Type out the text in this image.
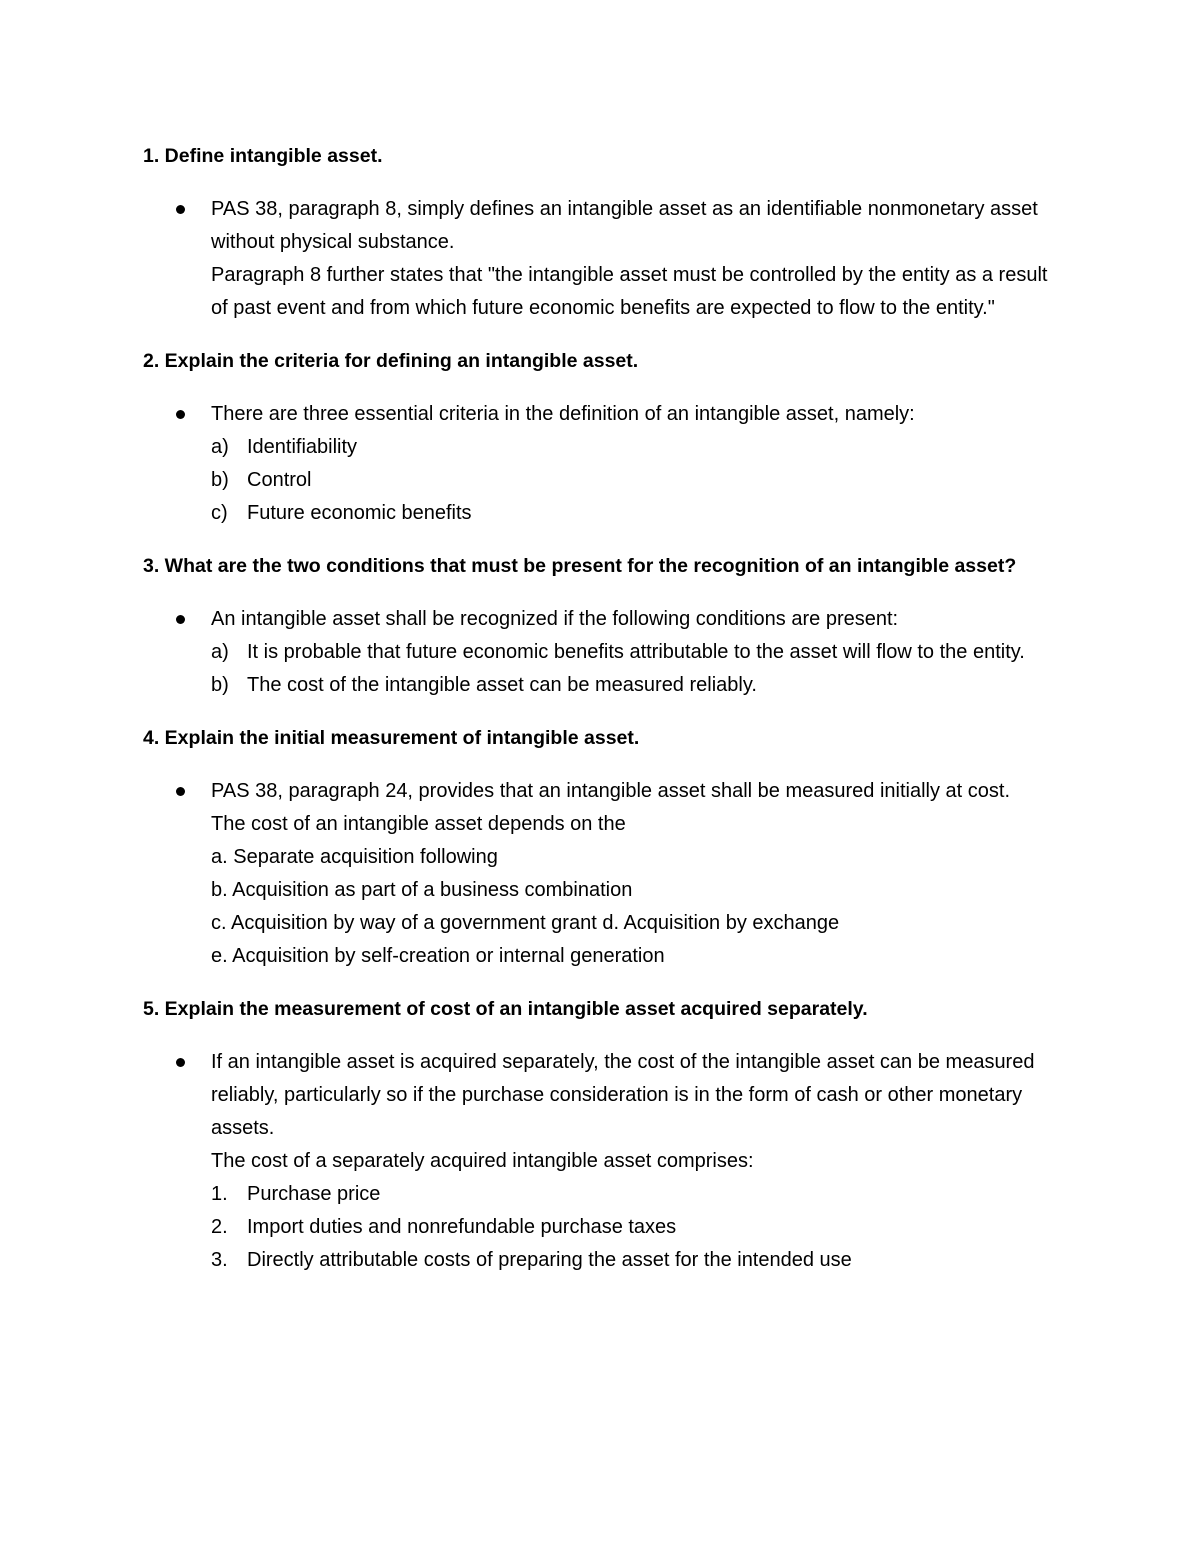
1. Define intangible asset.

PAS 38, paragraph 8, simply defines an intangible asset as an identifiable nonmonetary asset without physical substance.
Paragraph 8 further states that "the intangible asset must be controlled by the entity as a result of past event and from which future economic benefits are expected to flow to the entity."

2. Explain the criteria for defining an intangible asset.

There are three essential criteria in the definition of an intangible asset, namely:
a) Identifiability
b) Control
c) Future economic benefits

3. What are the two conditions that must be present for the recognition of an intangible asset?

An intangible asset shall be recognized if the following conditions are present:
a) It is probable that future economic benefits attributable to the asset will flow to the entity.
b) The cost of the intangible asset can be measured reliably.

4. Explain the initial measurement of intangible asset.

PAS 38, paragraph 24, provides that an intangible asset shall be measured initially at cost.
The cost of an intangible asset depends on the
a. Separate acquisition following
b. Acquisition as part of a business combination
c. Acquisition by way of a government grant d. Acquisition by exchange
e. Acquisition by self-creation or internal generation

5. Explain the measurement of cost of an intangible asset acquired separately.

If an intangible asset is acquired separately, the cost of the intangible asset can be measured reliably, particularly so if the purchase consideration is in the form of cash or other monetary assets.
The cost of a separately acquired intangible asset comprises:
1. Purchase price
2. Import duties and nonrefundable purchase taxes
3. Directly attributable costs of preparing the asset for the intended use
